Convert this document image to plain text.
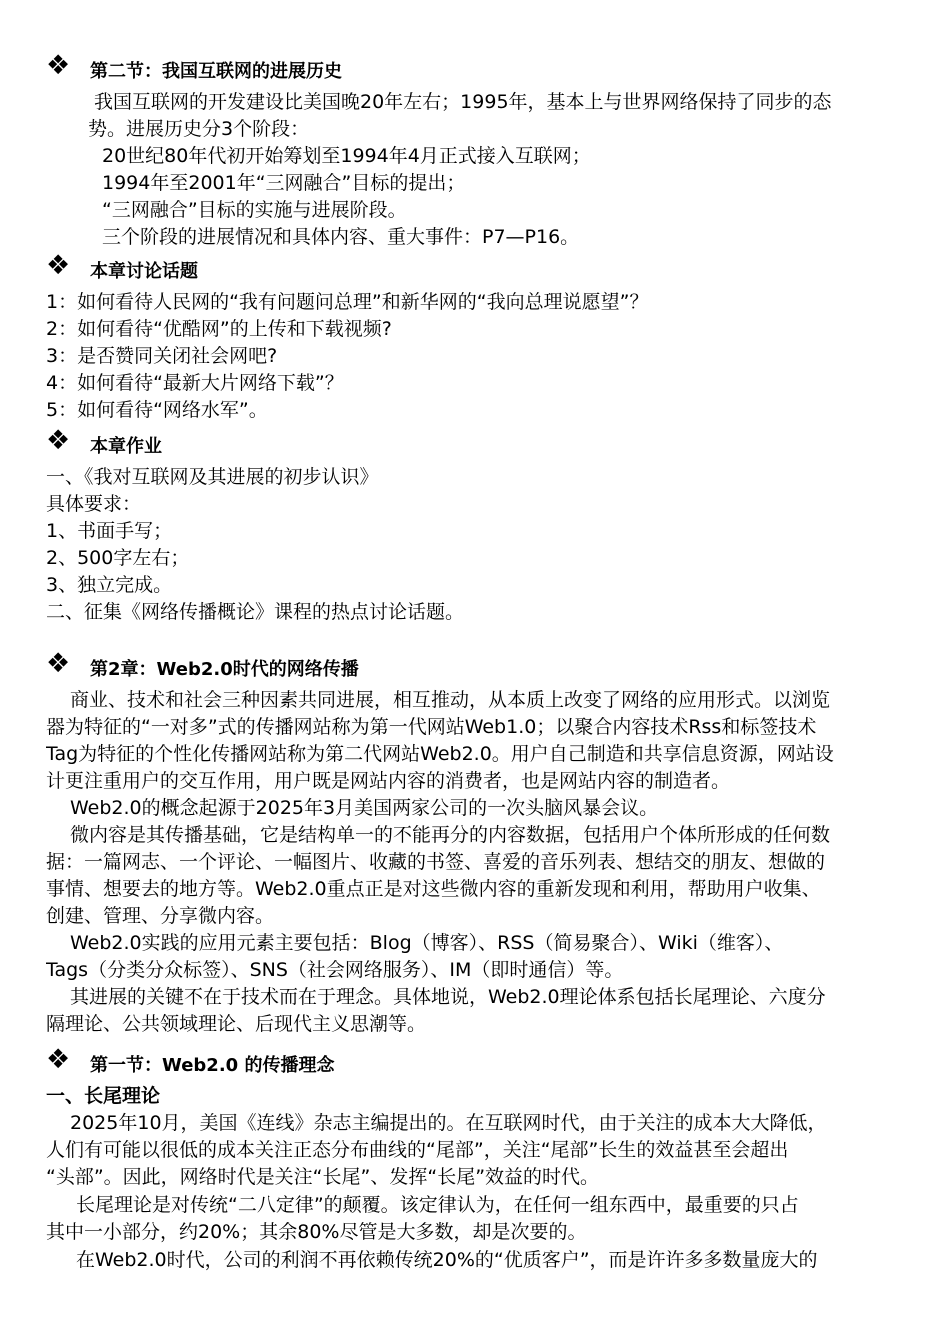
❖ 第二节：我国互联网的进展历史
我国互联网的开发建设比美国晚20年左右；1995年，基本上与世界网络保持了同步的态
势。进展历史分3个阶段：
20世纪80年代初开始筹划至1994年4月正式接入互联网；
1994年至2001年“三网融合”目标的提出；
“三网融合”目标的实施与进展阶段。
三个阶段的进展情况和具体内容、重大事件：P7—P16。
❖ 本章讨论话题
1：如何看待人民网的“我有问题问总理”和新华网的“我向总理说愿望”？
2：如何看待“优酷网”的上传和下载视频?
3：是否赞同关闭社会网吧?
4：如何看待“最新大片网络下载”？
5：如何看待“网络水军”。
❖ 本章作业
一、《我对互联网及其进展的初步认识》
具体要求：
1、书面手写；
2、500字左右；
3、独立完成。
二、征集《网络传播概论》课程的热点讨论话题。
❖ 第2章：Web2.0时代的网络传播
商业、技术和社会三种因素共同进展，相互推动，从本质上改变了网络的应用形式。以浏览
器为特征的“一对多”式的传播网站称为第一代网站Web1.0；以聚合内容技术Rss和标签技术
Tag为特征的个性化传播网站称为第二代网站Web2.0。用户自己制造和共享信息资源，网站设
计更注重用户的交互作用，用户既是网站内容的消费者，也是网站内容的制造者。
Web2.0的概念起源于2025年3月美国两家公司的一次头脑风暴会议。
微内容是其传播基础，它是结构单一的不能再分的内容数据，包括用户个体所形成的任何数
据：一篇网志、一个评论、一幅图片、收藏的书签、喜爱的音乐列表、想结交的朋友、想做的
事情、想要去的地方等。Web2.0重点正是对这些微内容的重新发现和利用，帮助用户收集、
创建、管理、分享微内容。
Web2.0实践的应用元素主要包括：Blog（博客）、RSS（简易聚合）、Wiki（维客）、
Tags（分类分众标签）、SNS（社会网络服务）、IM（即时通信）等。
其进展的关键不在于技术而在于理念。具体地说，Web2.0理论体系包括长尾理论、六度分
隔理论、公共领域理论、后现代主义思潮等。
❖ 第一节：Web2.0 的传播理念
一、长尾理论
2025年10月，美国《连线》杂志主编提出的。在互联网时代，由于关注的成本大大降低，
人们有可能以很低的成本关注正态分布曲线的“尾部”，关注“尾部”长生的效益甚至会超出
“头部”。因此，网络时代是关注“长尾”、发挥“长尾”效益的时代。
长尾理论是对传统“二八定律”的颠覆。该定律认为，在任何一组东西中，最重要的只占
其中一小部分，约20%；其余80%尽管是大多数，却是次要的。
在Web2.0时代，公司的利润不再依赖传统20%的“优质客户”，而是许许多多数量庞大的
